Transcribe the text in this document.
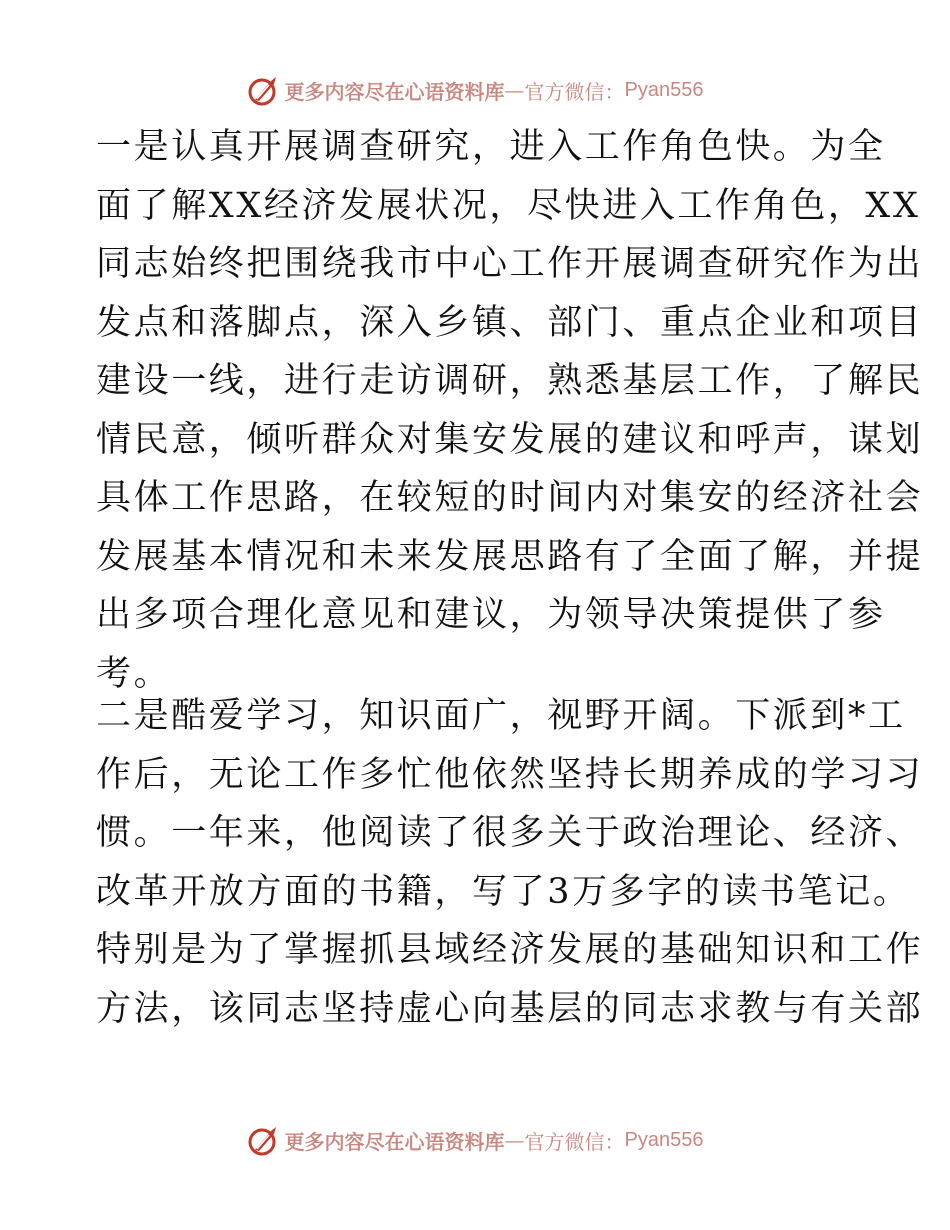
更多内容尽在心语资料库 — 官方微信： Pyan556
一是认真开展调查研究，进入工作角色快。为全
面了解XX经济发展状况，尽快进入工作角色，XX
同志始终把围绕我市中心工作开展调查研究作为出
发点和落脚点，深入乡镇、部门、重点企业和项目
建设一线，进行走访调研，熟悉基层工作，了解民
情民意，倾听群众对集安发展的建议和呼声，谋划
具体工作思路，在较短的时间内对集安的经济社会
发展基本情况和未来发展思路有了全面了解，并提
出多项合理化意见和建议，为领导决策提供了参
考。
二是酷爱学习，知识面广，视野开阔。下派到*工
作后，无论工作多忙他依然坚持长期养成的学习习
惯。一年来，他阅读了很多关于政治理论、经济、
改革开放方面的书籍，写了3万多字的读书笔记。
特别是为了掌握抓县域经济发展的基础知识和工作
方法，该同志坚持虚心向基层的同志求教与有关部
更多内容尽在心语资料库 — 官方微信： Pyan556
